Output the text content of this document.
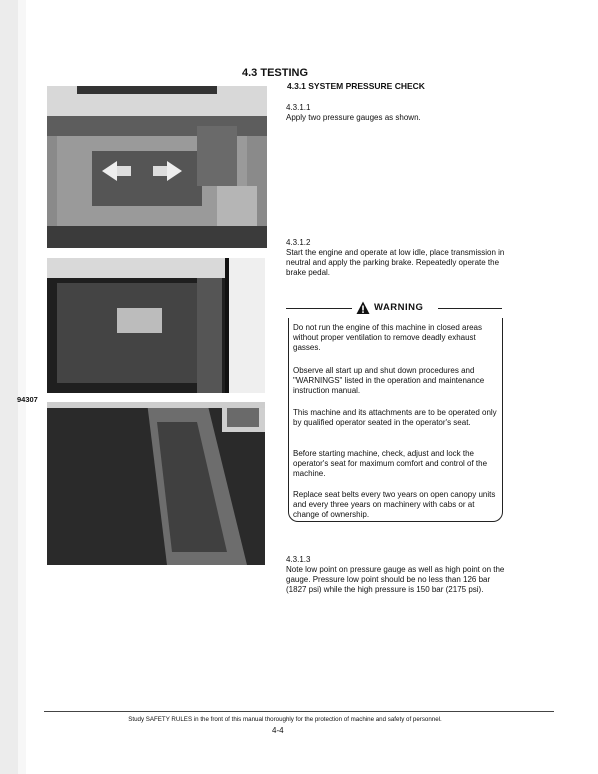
4.3 TESTING
4.3.1 SYSTEM PRESSURE CHECK

94307

4.3.1.1
Apply two pressure gauges as shown.

4.3.1.2
Start the engine and operate at low idle, place transmission in neutral and apply the parking brake. Repeatedly operate the brake pedal.

WARNING

Do not run the engine of this machine in closed areas without proper ventilation to remove deadly exhaust gasses.

Observe all start up and shut down procedures and "WARNINGS" listed in the operation and maintenance instruction manual.

This machine and its attachments are to be operated only by qualified operator seated in the operator's seat.

Before starting machine, check, adjust and lock the operator's seat for maximum comfort and control of the machine.

Replace seat belts every two years on open canopy units and every three years on machinery with cabs or at change of ownership.

4.3.1.3
Note low point on pressure gauge as well as high point on the gauge. Pressure low point should be no less than 126 bar (1827 psi) while the high pressure is 150 bar (2175 psi).

Study SAFETY RULES in the front of this manual thoroughly for the protection of machine and safety of personnel.

4-4
